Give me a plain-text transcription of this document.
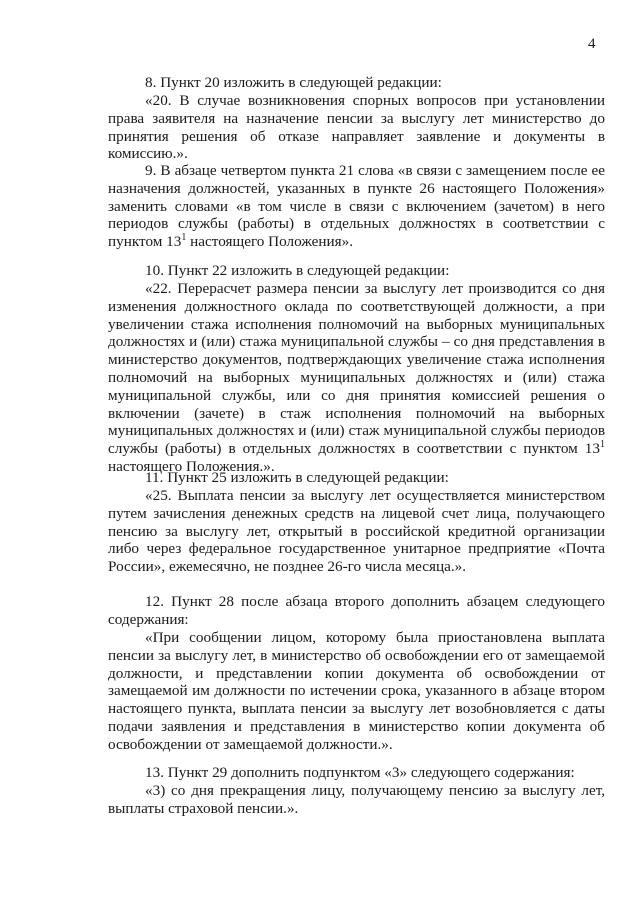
4

8. Пункт 20 изложить в следующей редакции:

«20. В случае возникновения спорных вопросов при установлении права заявителя на назначение пенсии за выслугу лет министерство до принятия решения об отказе направляет заявление и документы в комиссию.».

9. В абзаце четвертом пункта 21 слова «в связи с замещением после ее назначения должностей, указанных в пункте 26 настоящего Положения» заменить словами «в том числе в связи с включением (зачетом) в него периодов службы (работы) в отдельных должностях в соответствии с пунктом $13^1$ настоящего Положения».

10. Пункт 22 изложить в следующей редакции:

«22. Перерасчет размера пенсии за выслугу лет производится со дня изменения должностного оклада по соответствующей должности, а при увеличении стажа исполнения полномочий на выборных муниципальных должностях и (или) стажа муниципальной службы – со дня представления в министерство документов, подтверждающих увеличение стажа исполнения полномочий на выборных муниципальных должностях и (или) стажа муниципальной службы, или со дня принятия комиссией решения о включении (зачете) в стаж исполнения полномочий на выборных муниципальных должностях и (или) стаж муниципальной службы периодов службы (работы) в отдельных должностях в соответствии с пунктом $13^1$ настоящего Положения.».

11. Пункт 25 изложить в следующей редакции:

«25. Выплата пенсии за выслугу лет осуществляется министерством путем зачисления денежных средств на лицевой счет лица, получающего пенсию за выслугу лет, открытый в российской кредитной организации либо через федеральное государственное унитарное предприятие «Почта России», ежемесячно, не позднее 26-го числа месяца.».

12. Пункт 28 после абзаца второго дополнить абзацем следующего содержания:

«При сообщении лицом, которому была приостановлена выплата пенсии за выслугу лет, в министерство об освобождении его от замещаемой должности, и представлении копии документа об освобождении от замещаемой им должности по истечении срока, указанного в абзаце втором настоящего пункта, выплата пенсии за выслугу лет возобновляется с даты подачи заявления и представления в министерство копии документа об освобождении от замещаемой должности.».

13. Пункт 29 дополнить подпунктом «3» следующего содержания:

«3) со дня прекращения лицу, получающему пенсию за выслугу лет, выплаты страховой пенсии.».
